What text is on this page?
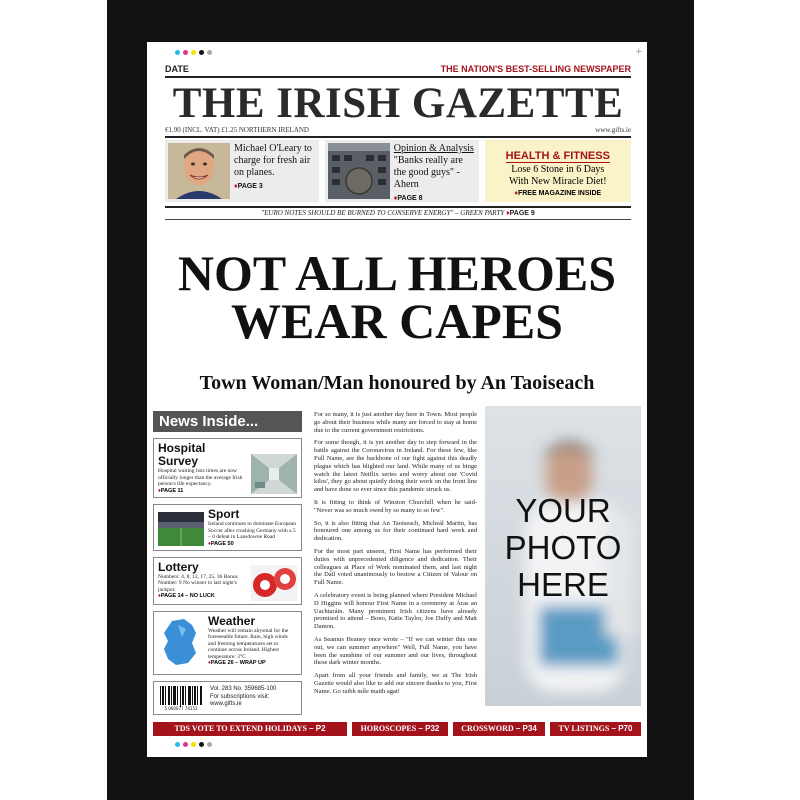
+
DATE	THE NATION'S BEST-SELLING NEWSPAPER
THE IRISH GAZETTE
€1.90 (INCL. VAT) £1.25 NORTHERN IRELAND	www.gifts.ie
Michael O'Leary to charge for fresh air on planes.
♦PAGE 3
Opinion & Analysis
"Banks really are the good guys" - Ahern
♦PAGE 8
HEALTH & FITNESS
Lose 6 Stone in 6 Days
With New Miracle Diet!
♦FREE MAGAZINE INSIDE
"EURO NOTES SHOULD BE BURNED TO CONSERVE ENERGY" – GREEN PARTY ♦PAGE 9
NOT ALL HEROES
WEAR CAPES
Town Woman/Man honoured by An Taoiseach
News Inside...
Hospital Survey
Hospital waiting lists times are now officially longer than the average Irish person's life expectancy.
♦PAGE 11
Sport
Ireland continues to dominate European Soccer after crushing Germany with a 5 – 0 defeat in Lansdowne Road
♦PAGE 50
Lottery
Numbers: 4, 8, 12, 17, 25, 36 Bonus Number: 9 No winner in last night's jackpot.
♦PAGE 14 – NO LUCK
Weather
Weather will remain abysmal for the foreseeable future. Rain, high winds and freezing temperatures set to continue across Ireland. Highest temperature: 3°C
♦PAGE 26 – WRAP UP
5 060077 74153
Vol. 283 No. 359685-100
For subscriptions visit:
www.gifts.ie

For so many, it is just another day here in Town. Most people go about their business while many are forced to stay at home due to the current government restrictions.

For some though, it is yet another day to step forward in the battle against the Coronavirus in Ireland. For these few, like Full Name, are the backbone of our fight against this deadly plague which has blighted our land. While many of us binge watch the latest Netflix series and worry about our 'Covid kilos', they go about quietly doing their work on the front line and have done so ever since this pandemic struck us.

It is fitting to think of Winston Churchill when he said- "Never was so much owed by so many to so few".

So, it is also fitting that An Taoiseach, Micheál Martin, has honoured one among us for their continued hard work and dedication.

For the most part unseen, First Name has performed their duties with unprecedented diligence and dedication. Their colleagues at Place of Work nominated them, and last night the Dáil voted unanimously to bestow a Citizen of Valour on Full Name.

A celebratory event is being planned where President Michael D Higgins will honour First Name in a ceremony at Áras an Uachtaráin. Many prominent Irish citizens have already promised to attend – Bono, Katie Taylor, Joe Duffy and Matt Damon.

As Seamus Heaney once wrote – "If we can winter this one out, we can summer anywhere" Well, Full Name, you have been the sunshine of our summer and our lives, throughout these dark winter months.

Apart from all your friends and family, we at The Irish Gazette would also like to add our sincere thanks to you, First Name. Go raibh míle maith agat!

YOUR
PHOTO
HERE
TDS VOTE TO EXTEND HOLIDAYS – P2	HOROSCOPES – P32	CROSSWORD – P34	TV LISTINGS – P70
